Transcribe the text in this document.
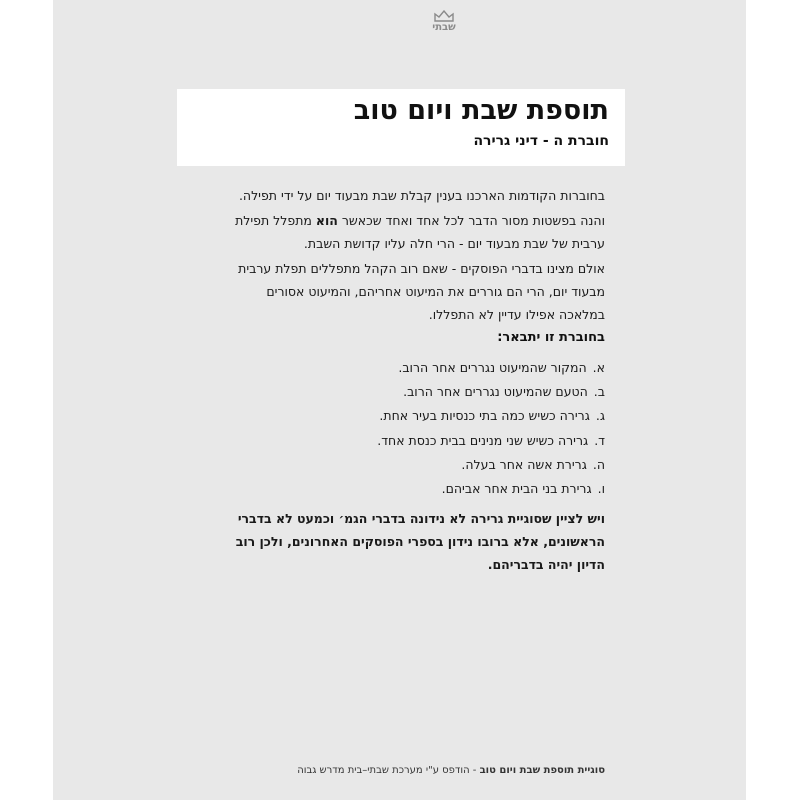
שבתי
תוספת שבת ויום טוב
חוברת ה - דיני גרירה

בחוברות הקודמות הארכנו בענין קבלת שבת מבעוד יום על ידי תפילה.

והנה בפשטות מסור הדבר לכל אחד ואחד שכאשר הוא מתפלל תפילת ערבית של שבת מבעוד יום - הרי חלה עליו קדושת השבת.

אולם מצינו בדברי הפוסקים - שאם רוב הקהל מתפללים תפלת ערבית מבעוד יום, הרי הם גוררים את המיעוט אחריהם, והמיעוט אסורים במלאכה אפילו עדיין לא התפללו.

בחוברת זו יתבאר:
א.המקור שהמיעוט נגררים אחר הרוב.
ב.הטעם שהמיעוט נגררים אחר הרוב.
ג.גרירה כשיש כמה בתי כנסיות בעיר אחת.
ד.גרירה כשיש שני מנינים בבית כנסת אחד.
ה.גרירת אשה אחר בעלה.
ו.גרירת בני הבית אחר אביהם.
ויש לציין שסוגיית גרירה לא נידונה בדברי הגמ׳ וכמעט לא בדברי הראשונים, אלא ברובו נידון בספרי הפוסקים האחרונים, ולכן רוב הדיון יהיה בדבריהם.
סוגיית תוספת שבת ויום טוב - הודפס ע"י מערכת שבתי–בית מדרש גבוה
